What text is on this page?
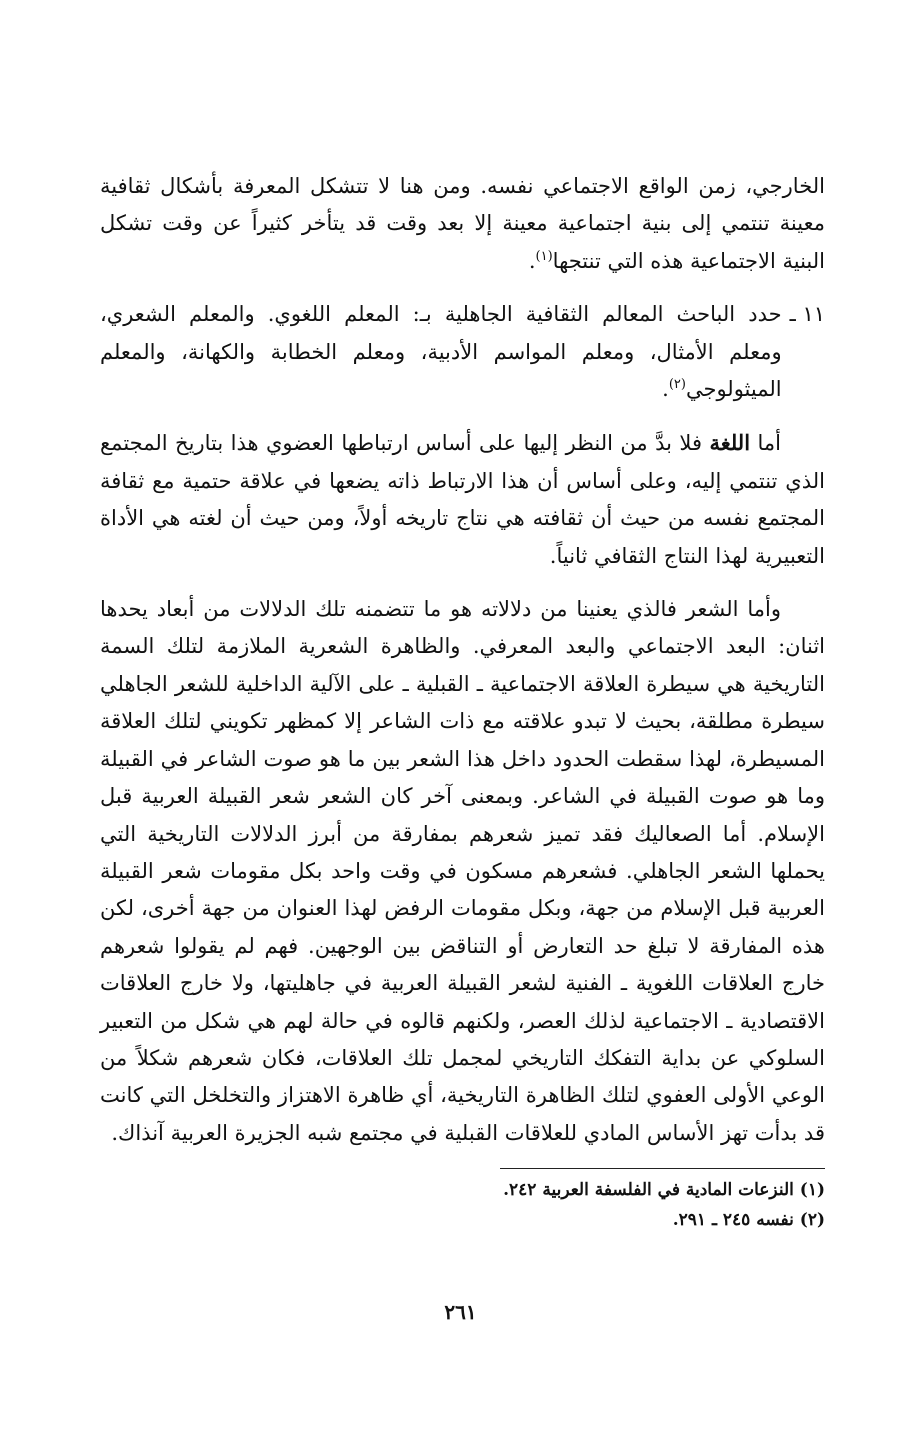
الخارجي، زمن الواقع الاجتماعي نفسه. ومن هنا لا تتشكل المعرفة بأشكال ثقافية معينة تنتمي إلى بنية اجتماعية معينة إلا بعد وقت قد يتأخر كثيراً عن وقت تشكل البنية الاجتماعية هذه التي تنتجها$^{(١)}$.

١١ ـ
حدد الباحث المعالم الثقافية الجاهلية بـ: المعلم اللغوي. والمعلم الشعري، ومعلم الأمثال، ومعلم المواسم الأدبية، ومعلم الخطابة والكهانة، والمعلم الميثولوجي$^{(٢)}$.

أما اللغة فلا بدَّ من النظر إليها على أساس ارتباطها العضوي هذا بتاريخ المجتمع الذي تنتمي إليه، وعلى أساس أن هذا الارتباط ذاته يضعها في علاقة حتمية مع ثقافة المجتمع نفسه من حيث أن ثقافته هي نتاج تاريخه أولاً، ومن حيث أن لغته هي الأداة التعبيرية لهذا النتاج الثقافي ثانياً.

وأما الشعر فالذي يعنينا من دلالاته هو ما تتضمنه تلك الدلالات من أبعاد يحدها اثنان: البعد الاجتماعي والبعد المعرفي. والظاهرة الشعرية الملازمة لتلك السمة التاريخية هي سيطرة العلاقة الاجتماعية ـ القبلية ـ على الآلية الداخلية للشعر الجاهلي سيطرة مطلقة، بحيث لا تبدو علاقته مع ذات الشاعر إلا كمظهر تكويني لتلك العلاقة المسيطرة، لهذا سقطت الحدود داخل هذا الشعر بين ما هو صوت الشاعر في القبيلة وما هو صوت القبيلة في الشاعر. وبمعنى آخر كان الشعر شعر القبيلة العربية قبل الإسلام. أما الصعاليك فقد تميز شعرهم بمفارقة من أبرز الدلالات التاريخية التي يحملها الشعر الجاهلي. فشعرهم مسكون في وقت واحد بكل مقومات شعر القبيلة العربية قبل الإسلام من جهة، وبكل مقومات الرفض لهذا العنوان من جهة أخرى، لكن هذه المفارقة لا تبلغ حد التعارض أو التناقض بين الوجهين. فهم لم يقولوا شعرهم خارج العلاقات اللغوية ـ الفنية لشعر القبيلة العربية في جاهليتها، ولا خارج العلاقات الاقتصادية ـ الاجتماعية لذلك العصر، ولكنهم قالوه في حالة لهم هي شكل من التعبير السلوكي عن بداية التفكك التاريخي لمجمل تلك العلاقات، فكان شعرهم شكلاً من الوعي الأولى العفوي لتلك الظاهرة التاريخية، أي ظاهرة الاهتزاز والتخلخل التي كانت قد بدأت تهز الأساس المادي للعلاقات القبلية في مجتمع شبه الجزيرة العربية آنذاك.

(١) النزعات المادية في الفلسفة العربية ٢٤٢.
(٢) نفسه ٢٤٥ ـ ٢٩١.
٢٦١
